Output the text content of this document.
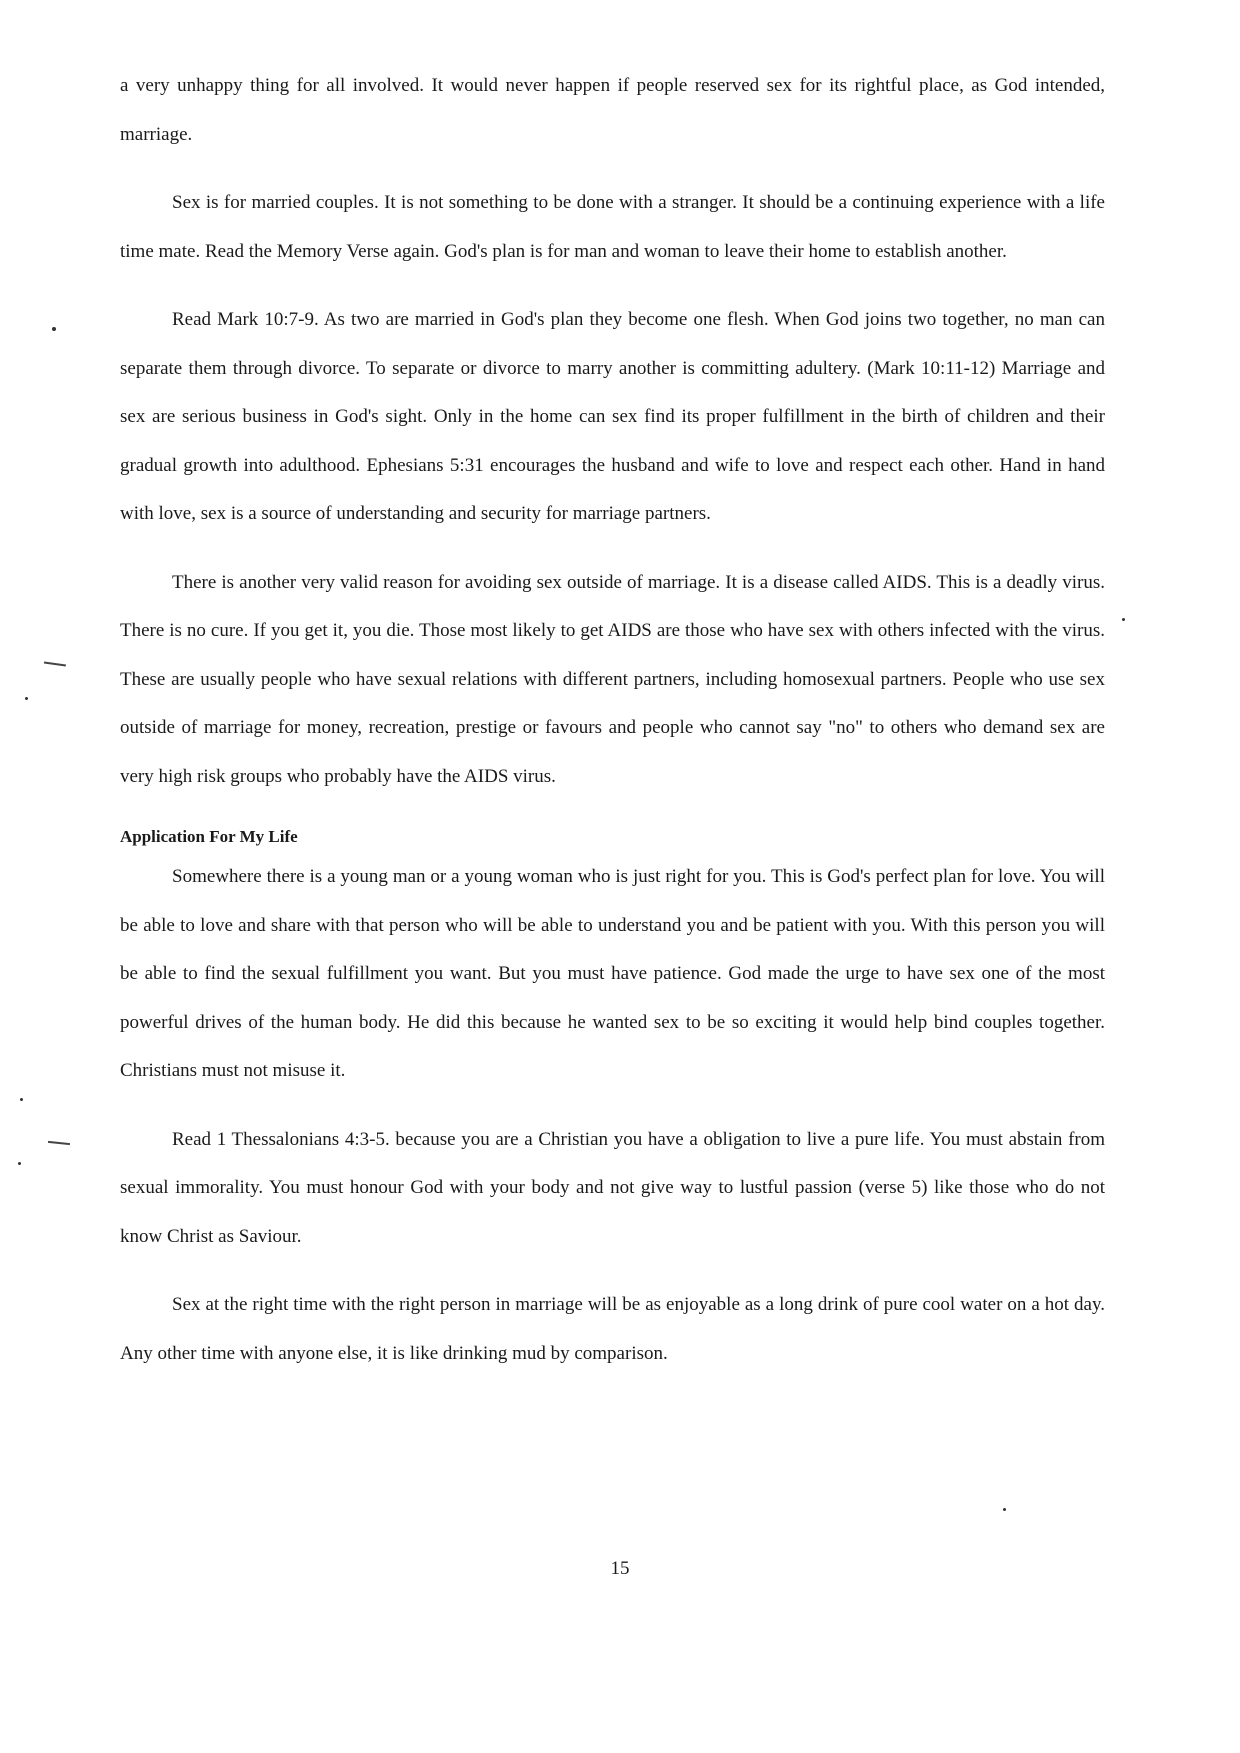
a very unhappy thing for all involved. It would never happen if people reserved sex for its rightful place, as God intended, marriage.

Sex is for married couples. It is not something to be done with a stranger. It should be a continuing experience with a life time mate. Read the Memory Verse again. God's plan is for man and woman to leave their home to establish another.

Read Mark 10:7-9. As two are married in God's plan they become one flesh. When God joins two together, no man can separate them through divorce. To separate or divorce to marry another is committing adultery. (Mark 10:11-12) Marriage and sex are serious business in God's sight. Only in the home can sex find its proper fulfillment in the birth of children and their gradual growth into adulthood. Ephesians 5:31 encourages the husband and wife to love and respect each other. Hand in hand with love, sex is a source of understanding and security for marriage partners.

There is another very valid reason for avoiding sex outside of marriage. It is a disease called AIDS. This is a deadly virus. There is no cure. If you get it, you die. Those most likely to get AIDS are those who have sex with others infected with the virus. These are usually people who have sexual relations with different partners, including homosexual partners. People who use sex outside of marriage for money, recreation, prestige or favours and people who cannot say "no" to others who demand sex are very high risk groups who probably have the AIDS virus.

Application For My Life

Somewhere there is a young man or a young woman who is just right for you. This is God's perfect plan for love. You will be able to love and share with that person who will be able to understand you and be patient with you. With this person you will be able to find the sexual fulfillment you want. But you must have patience. God made the urge to have sex one of the most powerful drives of the human body. He did this because he wanted sex to be so exciting it would help bind couples together. Christians must not misuse it.

Read 1 Thessalonians 4:3-5. because you are a Christian you have a obligation to live a pure life. You must abstain from sexual immorality. You must honour God with your body and not give way to lustful passion (verse 5) like those who do not know Christ as Saviour.

Sex at the right time with the right person in marriage will be as enjoyable as a long drink of pure cool water on a hot day. Any other time with anyone else, it is like drinking mud by comparison.

15
